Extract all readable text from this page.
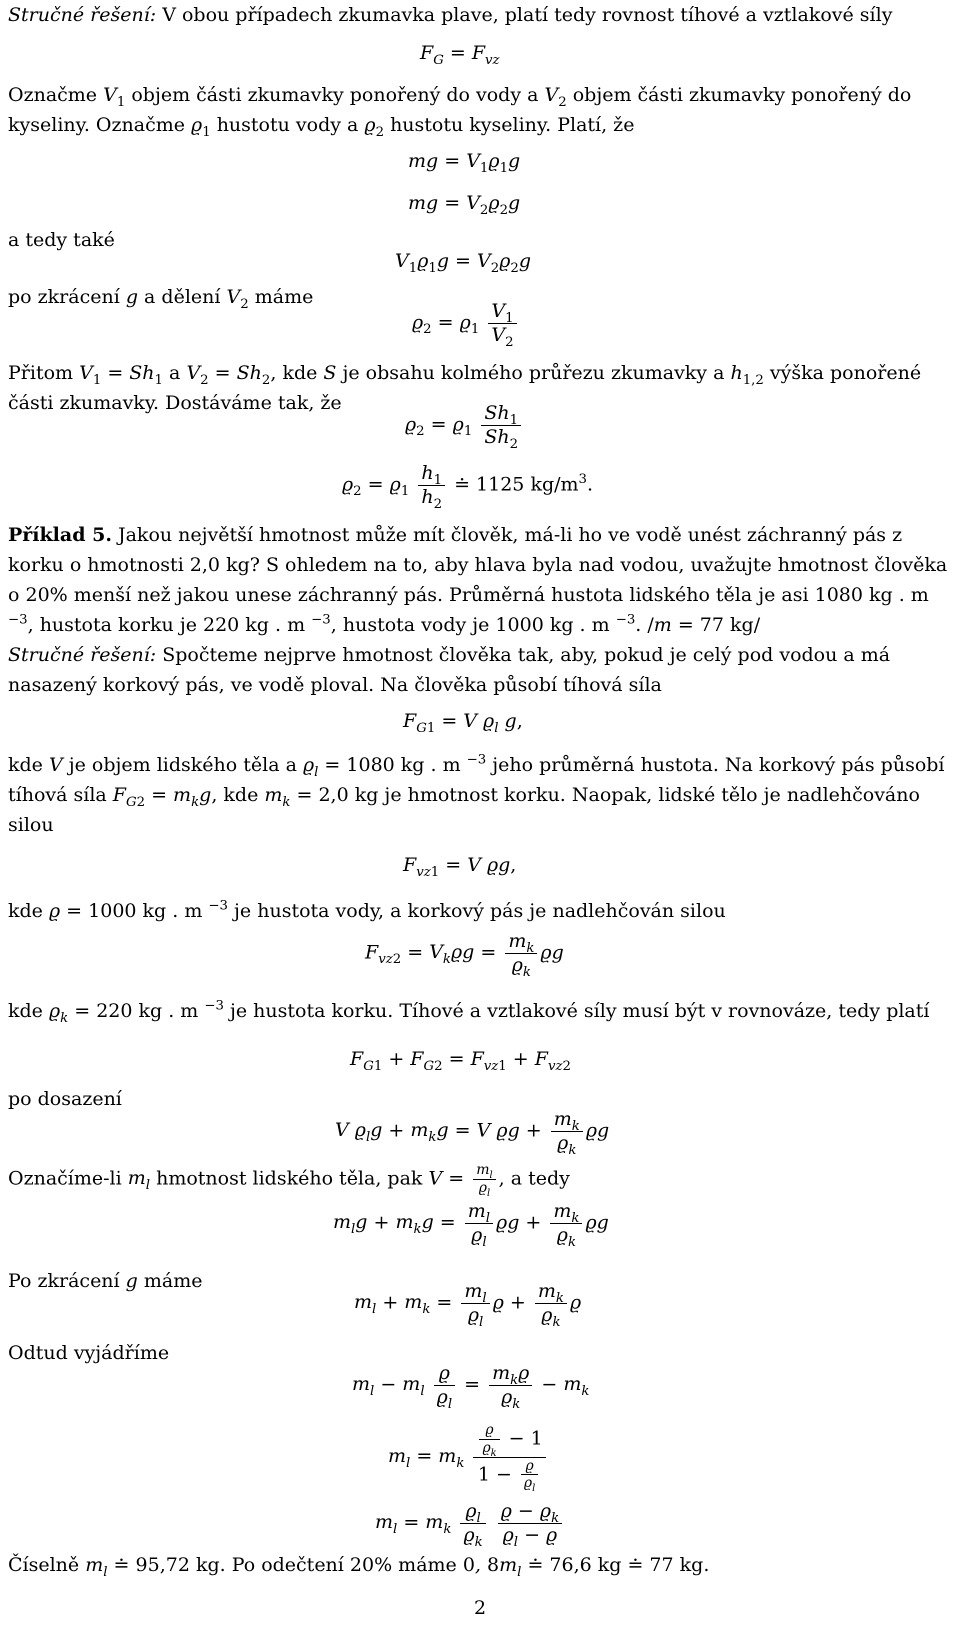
Stručné řešení: V obou případech zkumavka plave, platí tedy rovnost tíhové a vztlakové síly
$F_G = F_{vz}$
Označme $V_1$ objem části zkumavky ponořený do vody a $V_2$ objem části zkumavky ponořený do kyseliny. Označme $ϱ_1$ hustotu vody a $ϱ_2$ hustotu kyseliny. Platí, že
mg = $V_1ϱ_1g$
mg = $V_2ϱ_2g$
a tedy také
$V_1ϱ_1g = V_2ϱ_2g$
po zkrácení g a dělení $V_2$ máme
$ϱ_2 = ϱ_1 \frac{V_1}{V_2}$
Přitom $V_1 = Sh_1$ a $V_2 = Sh_2$, kde S je obsahu kolmého průřezu zkumavky a $h_{1,2}$ výška ponořené části zkumavky. Dostáváme tak, že
$ϱ_2 = ϱ_1 \frac{Sh_1}{Sh_2}$
$ϱ_2 = ϱ_1 \frac{h_1}{h_2}$ ≐ 1125 $kg/m^3$.
Příklad 5. Jakou největší hmotnost může mít člověk, má-li ho ve vodě unést záchranný pás z korku o hmotnosti 2,0 kg? S ohledem na to, aby hlava byla nad vodou, uvažujte hmotnost člověka o 20% menší než jakou unese záchranný pás. Průměrná hustota lidského těla je asi 1080 kg . m $^{-3}$, hustota korku je 220 kg . m $^{-3}$, hustota vody je 1000 kg . m $^{-3}$. /m = 77 kg/
Stručné řešení: Spočteme nejprve hmotnost člověka tak, aby, pokud je celý pod vodou a má nasazený korkový pás, ve vodě ploval. Na člověka působí tíhová síla
$F_{G1} = V$ $ϱ_l$ g,
kde V je objem lidského těla a $ϱ_l = 1080$ kg . m $^{-3}$ jeho průměrná hustota. Na korkový pás působí tíhová síla $F_{G2} = m_kg$, kde $m_k = 2,0$ kg je hmotnost korku. Naopak, lidské tělo je nadlehčováno silou
$F_{vz1} = V$ ϱg,
kde ϱ = 1000 kg . m $^{-3}$ je hustota vody, a korkový pás je nadlehčován silou
$F_{vz2} = V_kϱg = \frac{m_k}{ϱ_k}$ ϱg
kde $ϱ_k = 220$ kg . m $^{-3}$ je hustota korku. Tíhové a vztlakové síly musí být v rovnováze, tedy platí
$F_{G1} + F_{G2} = F_{vz1} + F_{vz2}$
po dosazení
V $ϱ_lg + m_kg = V$ $ϱg + \frac{m_k}{ϱ_k}$ ϱg
Označíme-li $m_l$ hmotnost lidského těla, pak $V = \frac{m_l}{ϱ_l}$ , a tedy
$m_lg + m_kg = \frac{m_l}{ϱ_l}$ $ϱg + \frac{m_k}{ϱ_k}$ ϱg
Po zkrácení g máme
$m_l + m_k = \frac{m_l}{ϱ_l}$ $ϱ + \frac{m_k}{ϱ_k}$ ϱ
Odtud vyjádříme
$m_l - m_l \frac{ϱ}{ϱ_l} = \frac{m_kϱ}{ϱ_k} - m_k$
$m_l = m_k \frac{\frac{ϱ}{ϱ_k} - 1}{1 - \frac{ϱ}{ϱ_l}}$
$m_l = m_k \frac{ϱ_l}{ϱ_k}$
$\frac{ϱ - ϱ_k}{ϱ_l - ϱ}$
Číselně $m_l$ ≐ 95,72 kg. Po odečtení 20% máme 0, $8m_l$ ≐ 76,6 kg ≐ 77 kg.
2
